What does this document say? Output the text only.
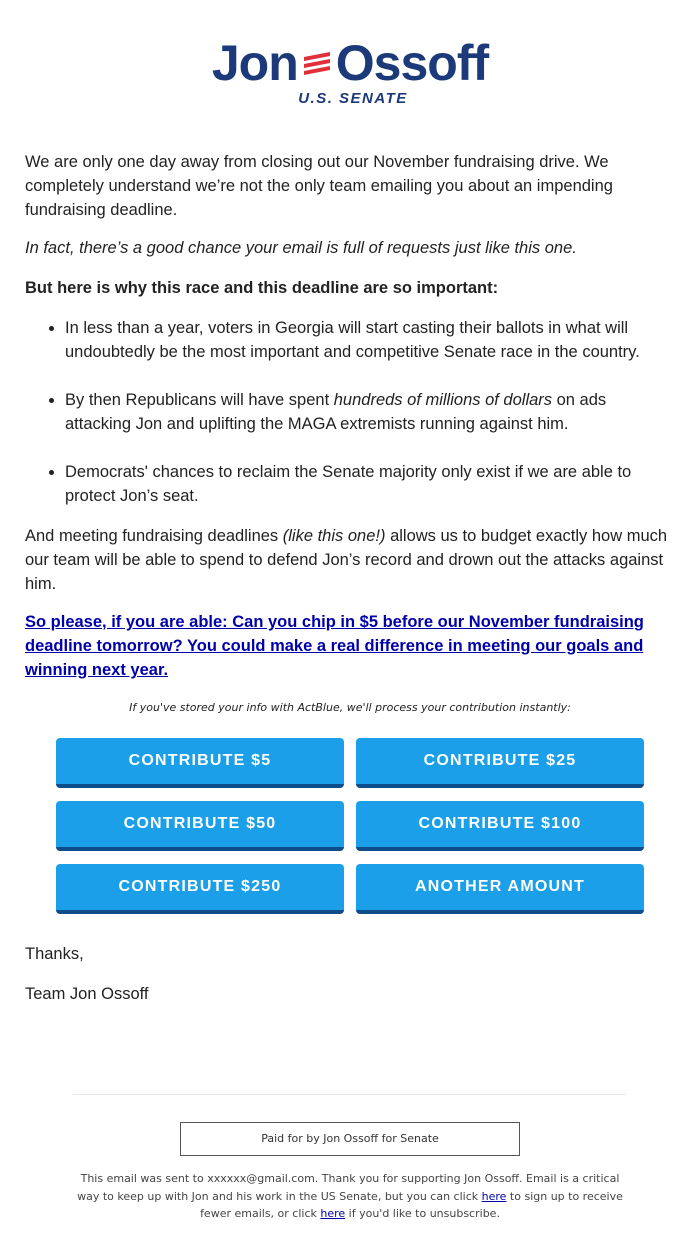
Jon Ossoff
U.S. SENATE

We are only one day away from closing out our November fundraising drive. We completely understand we’re not the only team emailing you about an impending fundraising deadline.

In fact, there’s a good chance your email is full of requests just like this one.

But here is why this race and this deadline are so important:

• In less than a year, voters in Georgia will start casting their ballots in what will undoubtedly be the most important and competitive Senate race in the country.
• By then Republicans will have spent hundreds of millions of dollars on ads attacking Jon and uplifting the MAGA extremists running against him.
• Democrats' chances to reclaim the Senate majority only exist if we are able to protect Jon’s seat.

And meeting fundraising deadlines (like this one!) allows us to budget exactly how much our team will be able to spend to defend Jon’s record and drown out the attacks against him.

So please, if you are able: Can you chip in $5 before our November fundraising deadline tomorrow? You could make a real difference in meeting our goals and winning next year.
If you've stored your info with ActBlue, we'll process your contribution instantly:
CONTRIBUTE $5	CONTRIBUTE $25
CONTRIBUTE $50	CONTRIBUTE $100
CONTRIBUTE $250	ANOTHER AMOUNT

Thanks,

Team Jon Ossoff

Paid for by Jon Ossoff for Senate
This email was sent to xxxxxx@gmail.com. Thank you for supporting Jon Ossoff. Email is a critical way to keep up with Jon and his work in the US Senate, but you can click here to sign up to receive fewer emails, or click here if you'd like to unsubscribe.
